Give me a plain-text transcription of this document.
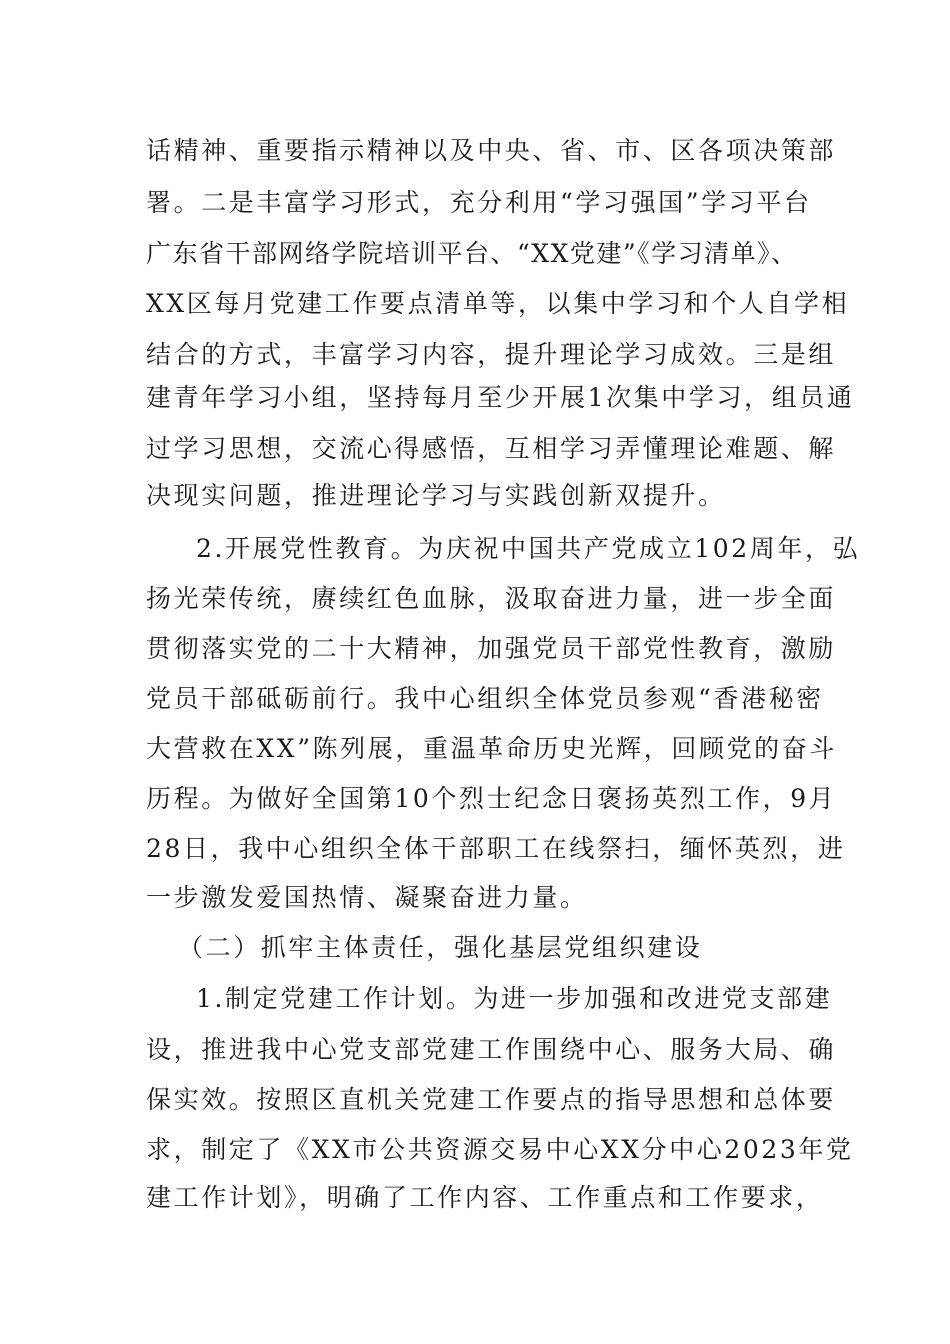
话精神、重要指示精神以及中央、省、市、区各项决策部

署。二是丰富学习形式，充分利用“学习强国”学习平台

广东省干部网络学院培训平台、“XX党建”《学习清单》、

XX区每月党建工作要点清单等，以集中学习和个人自学相

结合的方式，丰富学习内容，提升理论学习成效。三是组

建青年学习小组，坚持每月至少开展1次集中学习，组员通

过学习思想，交流心得感悟，互相学习弄懂理论难题、解

决现实问题，推进理论学习与实践创新双提升。

2.开展党性教育。为庆祝中国共产党成立102周年，弘

扬光荣传统，赓续红色血脉，汲取奋进力量，进一步全面

贯彻落实党的二十大精神，加强党员干部党性教育，激励

党员干部砥砺前行。我中心组织全体党员参观“香港秘密

大营救在XX”陈列展，重温革命历史光辉，回顾党的奋斗

历程。为做好全国第10个烈士纪念日褒扬英烈工作，9月

28日，我中心组织全体干部职工在线祭扫，缅怀英烈，进

一步激发爱国热情、凝聚奋进力量。

（二）抓牢主体责任，强化基层党组织建设

1.制定党建工作计划。为进一步加强和改进党支部建

设，推进我中心党支部党建工作围绕中心、服务大局、确

保实效。按照区直机关党建工作要点的指导思想和总体要

求，制定了《XX市公共资源交易中心XX分中心2023年党

建工作计划》，明确了工作内容、工作重点和工作要求，
